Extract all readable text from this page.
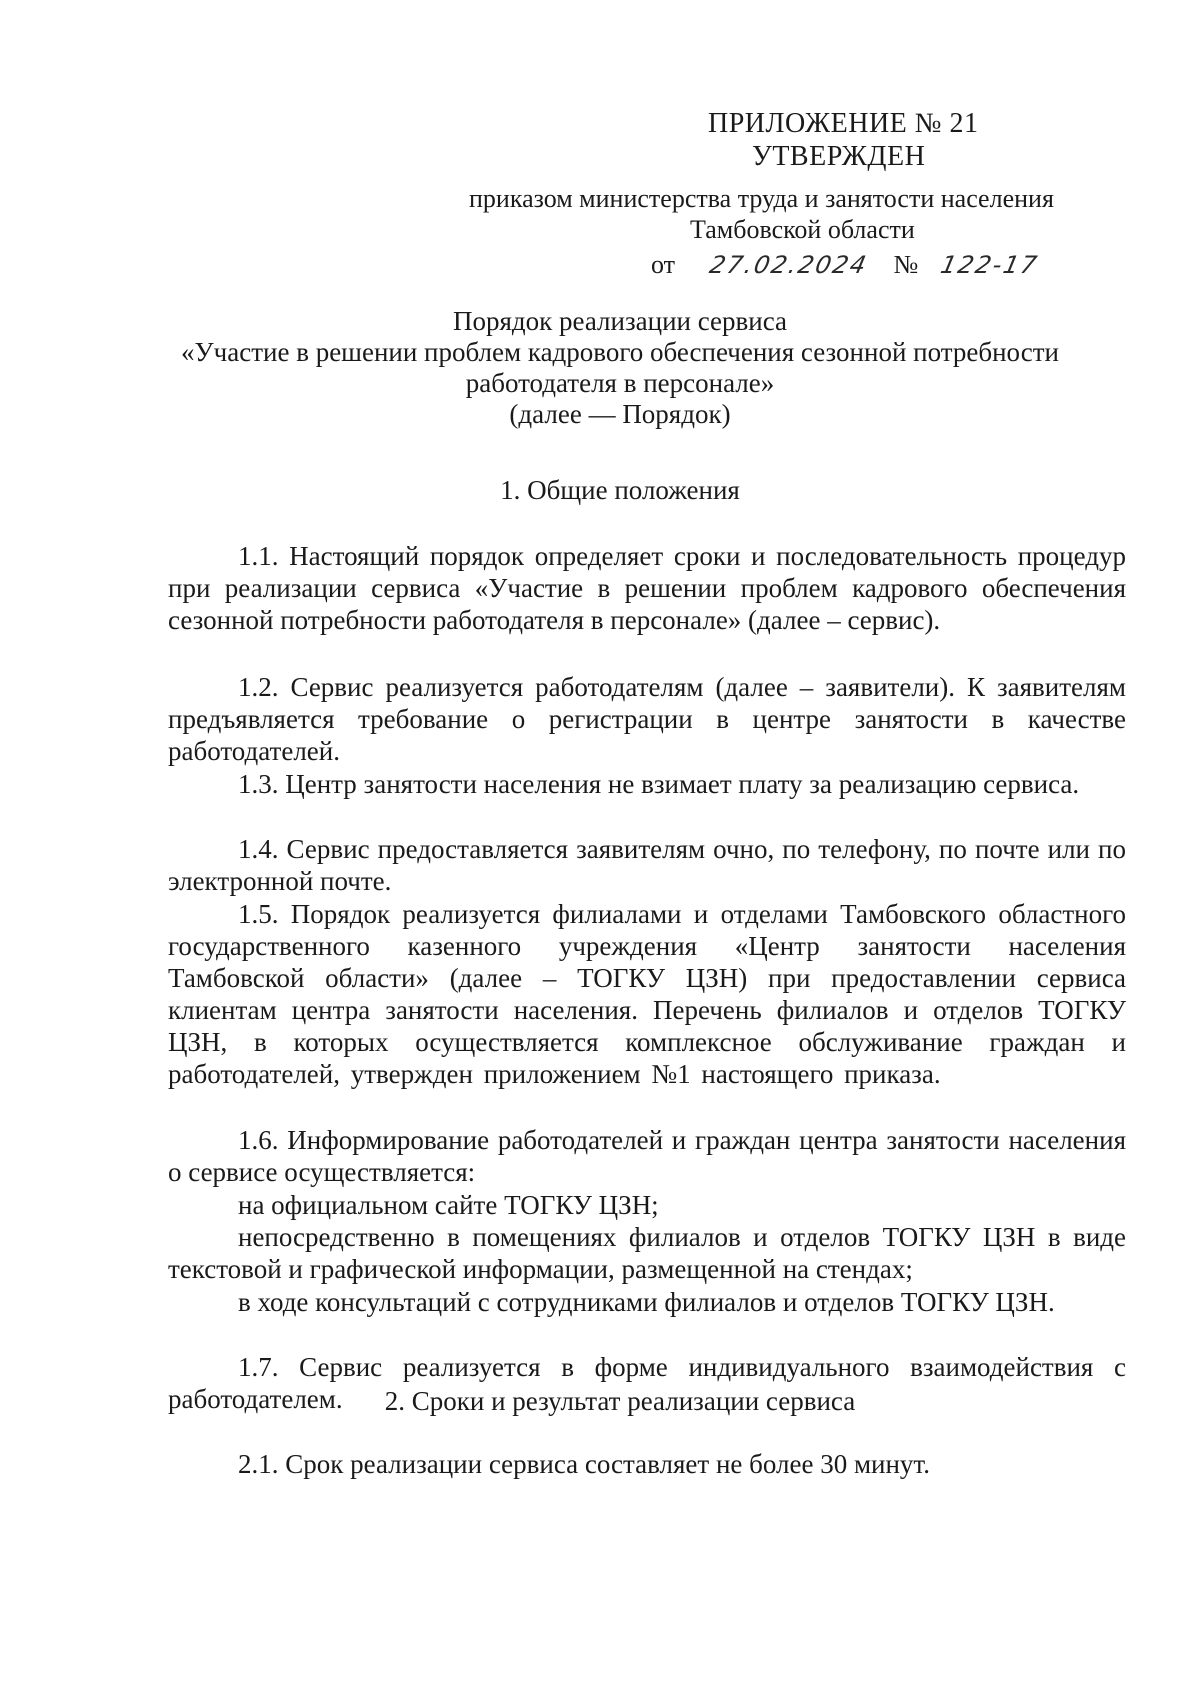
ПРИЛОЖЕНИЕ № 21
УТВЕРЖДЕН
приказом министерства труда и занятости населения
Тамбовской области
от 27.02.2024 № 122-17
Порядок реализации сервиса
«Участие в решении проблем кадрового обеспечения сезонной потребности
работодателя в персонале»
(далее — Порядок)
1. Общие положения

1.1. Настоящий порядок определяет сроки и последовательность процедур при реализации сервиса «Участие в решении проблем кадрового обеспечения сезонной потребности работодателя в персонале» (далее – сервис).

1.2. Сервис реализуется работодателям (далее – заявители). К заявителям предъявляется требование о регистрации в центре занятости в качестве работодателей.

1.3. Центр занятости населения не взимает плату за реализацию сервиса.

1.4. Сервис предоставляется заявителям очно, по телефону, по почте или по электронной почте.

1.5. Порядок реализуется филиалами и отделами Тамбовского областного государственного казенного учреждения «Центр занятости населения Тамбовской области» (далее – ТОГКУ ЦЗН) при предоставлении сервиса клиентам центра занятости населения. Перечень филиалов и отделов ТОГКУ ЦЗН, в которых осуществляется комплексное обслуживание граждан и работодателей, утвержден приложением №1 настоящего приказа.

1.6. Информирование работодателей и граждан центра занятости населения о сервисе осуществляется:

на официальном сайте ТОГКУ ЦЗН;

непосредственно в помещениях филиалов и отделов ТОГКУ ЦЗН в виде текстовой и графической информации, размещенной на стендах;

в ходе консультаций с сотрудниками филиалов и отделов ТОГКУ ЦЗН.

1.7. Сервис реализуется в форме индивидуального взаимодействия с работодателем.	2. Сроки и результат реализации сервиса

2.1. Срок реализации сервиса составляет не более 30 минут.
